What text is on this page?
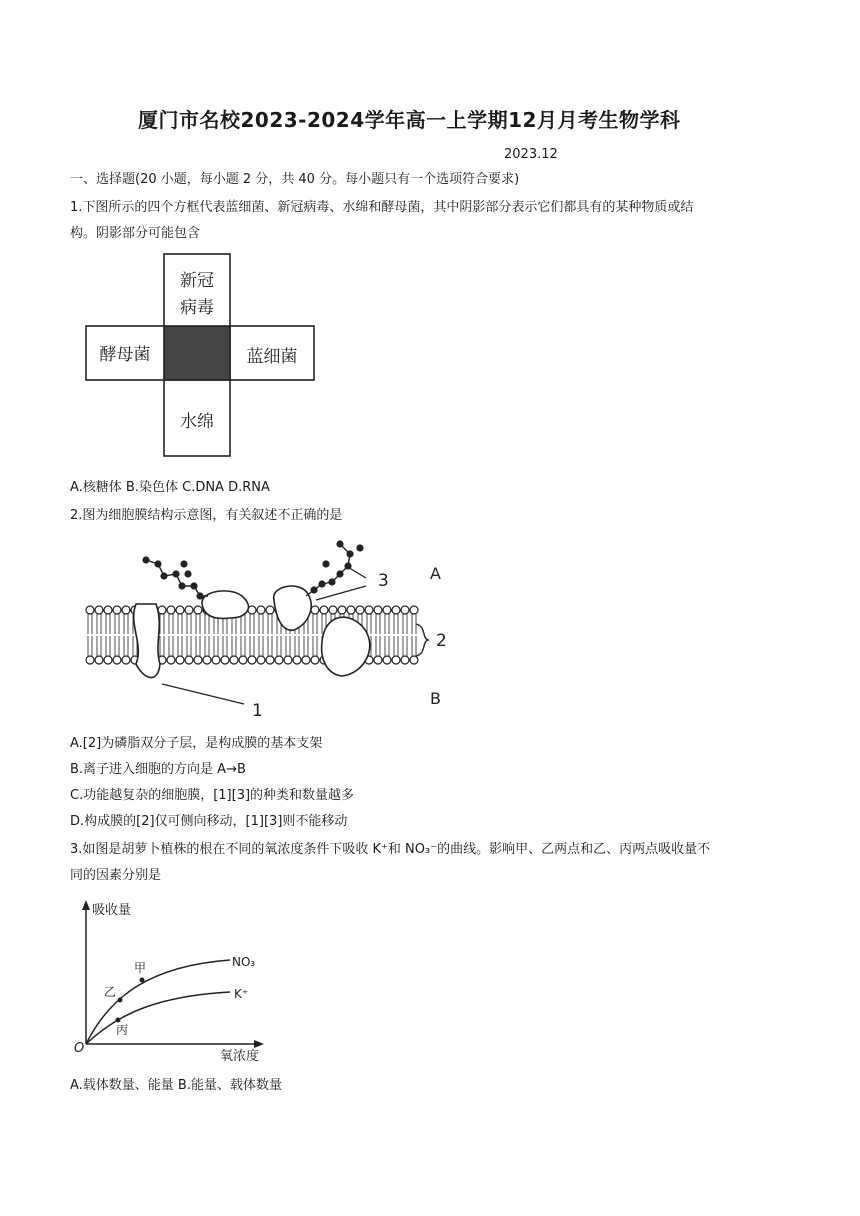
厦门市名校2023-2024学年高一上学期12月月考生物学科
2023.12
一、选择题(20 小题，每小题 2 分，共 40 分。每小题只有一个选项符合要求)
1.下图所示的四个方框代表蓝细菌、新冠病毒、水绵和酵母菌，其中阴影部分表示它们都具有的某种物质或结
构。阴影部分可能包含
新冠
病毒
酵母菌	蓝细菌
水绵
A.核糖体 B.染色体 C.DNA D.RNA
2.图为细胞膜结构示意图，有关叙述不正确的是
3	A
2
1
B
A.[2]为磷脂双分子层，是构成膜的基本支架
B.离子进入细胞的方向是 A→B
C.功能越复杂的细胞膜，[1][3]的种类和数量越多
D.构成膜的[2]仅可侧向移动，[1][3]则不能移动
3.如图是胡萝卜植株的根在不同的氧浓度条件下吸收 K⁺和 NO₃⁻的曲线。影响甲、乙两点和乙、丙两点吸收量不
同的因素分别是
吸收量
氧浓度
O
NO₃
K⁺
甲
乙
丙
A.载体数量、能量 B.能量、载体数量
